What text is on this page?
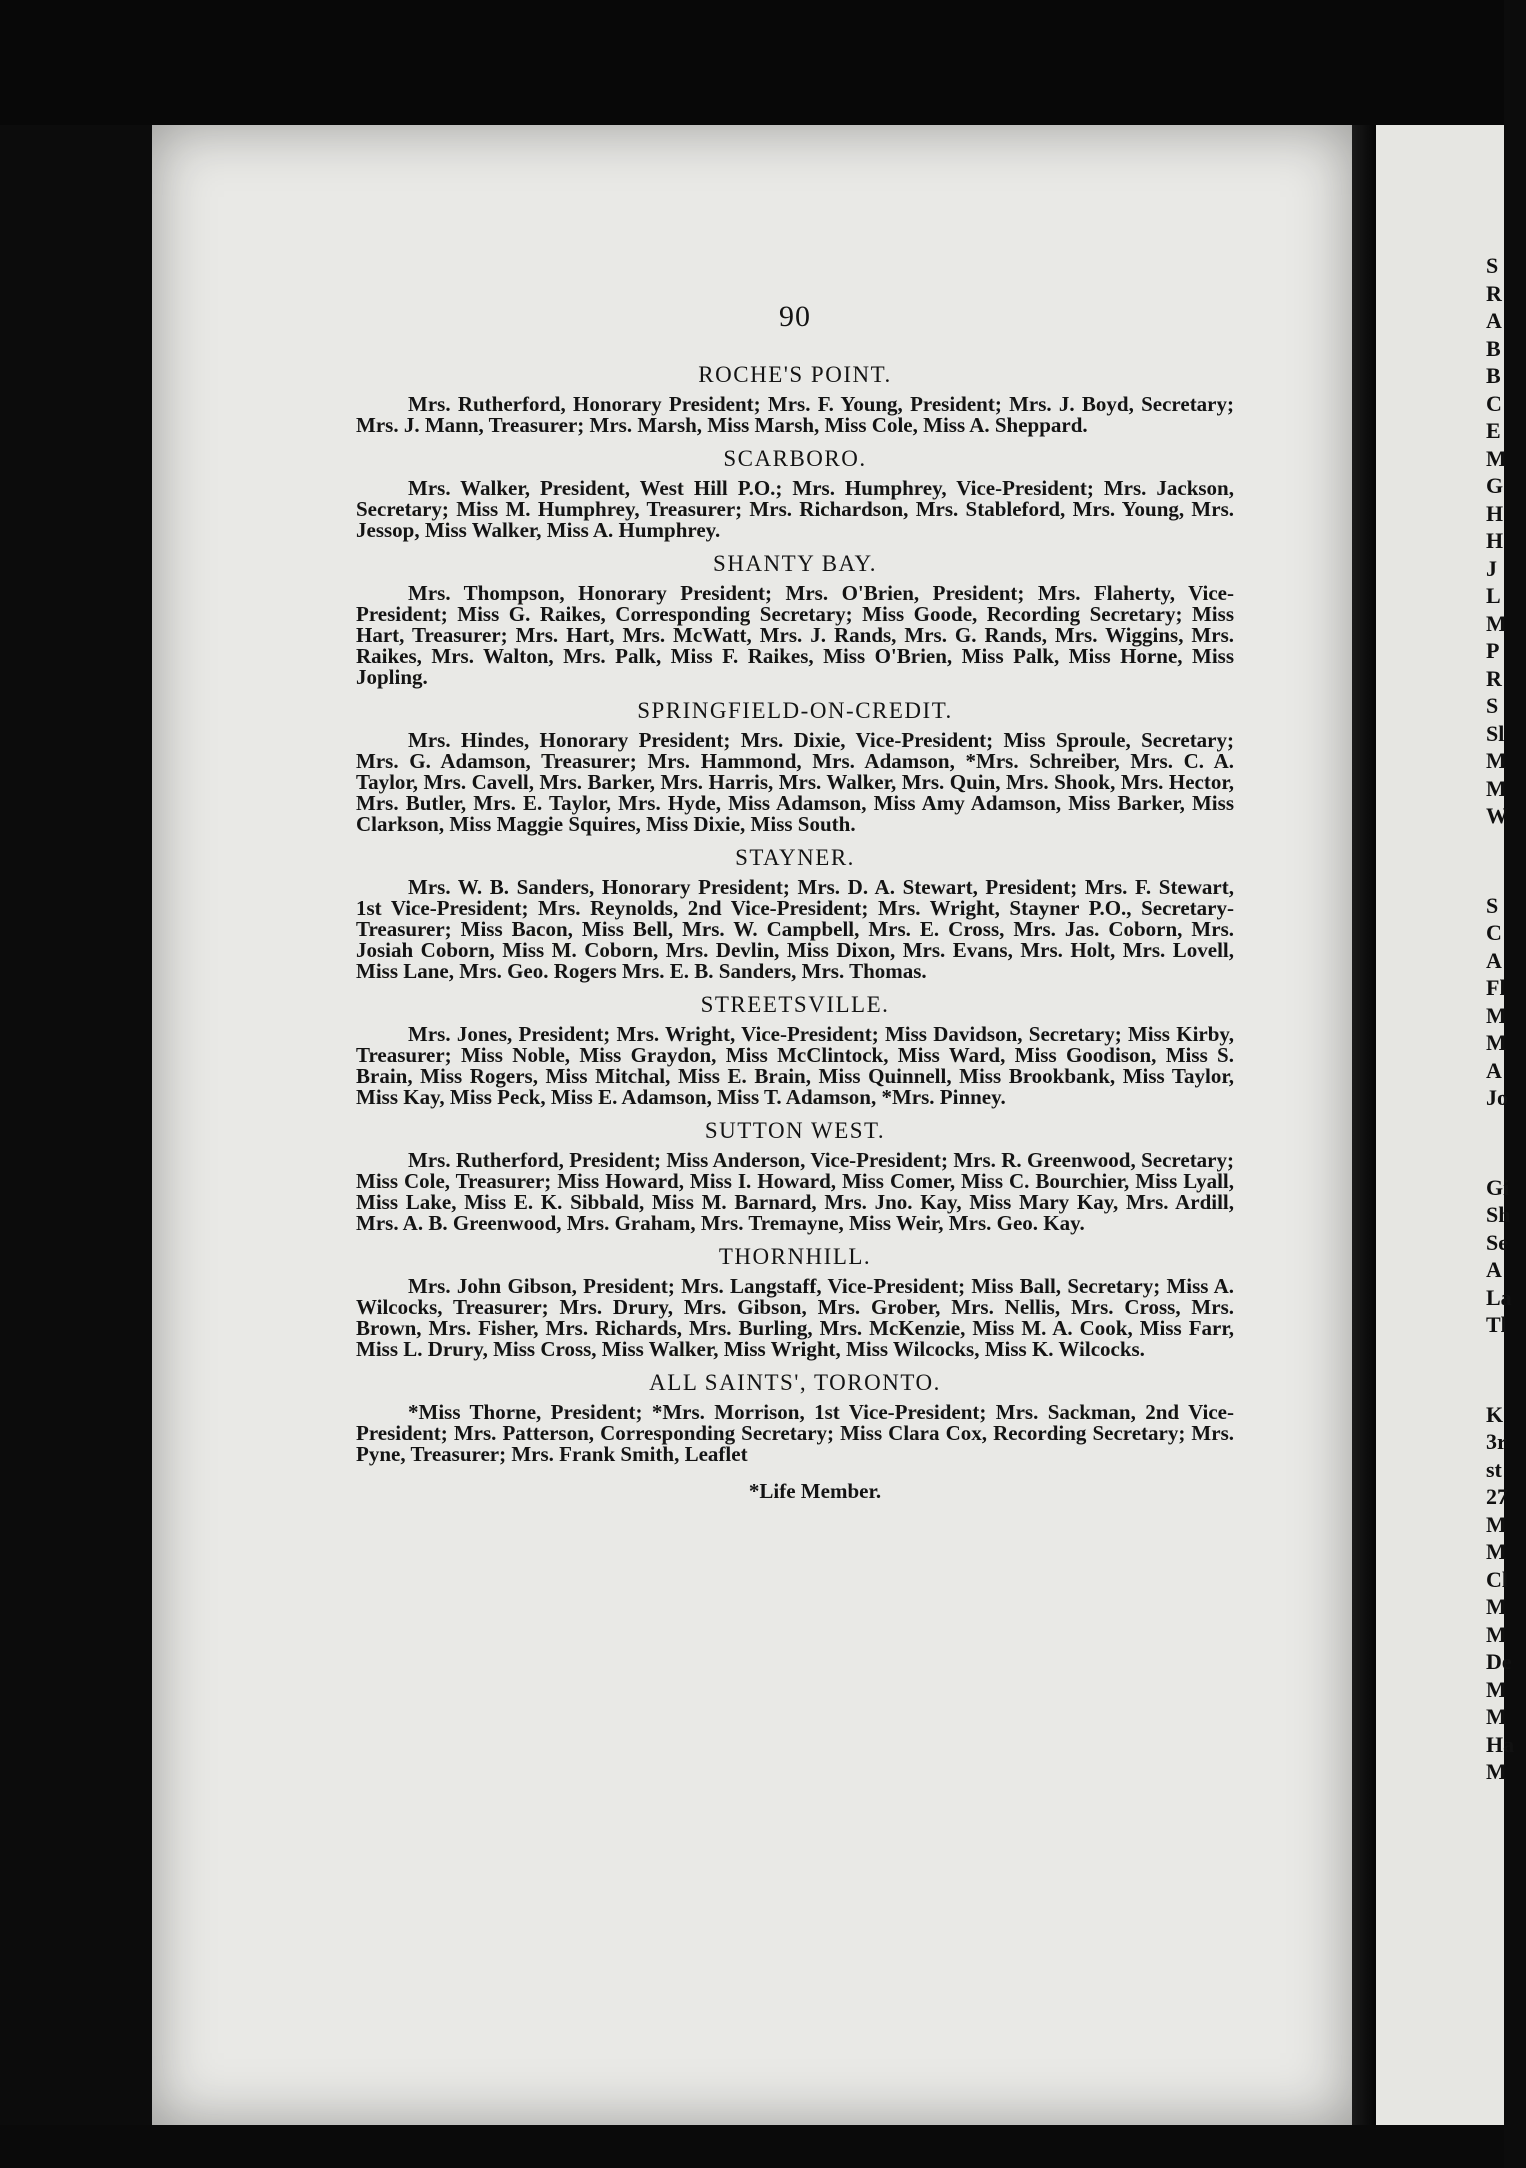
S
R
A
B
B
C
E
M
G
H
H
J
L
M
P
R
S
Sl
M
M
W
S
C
A
Fl
M
M
A
Jo
Gi
Sh
Se
A
La
Tl
K
3r
st
27
M
M
Cl
M
M
De
M
M
Ha
M
90
ROCHE'S POINT.

Mrs. Rutherford, Honorary President; Mrs. F. Young, President; Mrs. J. Boyd, Secretary; Mrs. J. Mann, Treasurer; Mrs. Marsh, Miss Marsh, Miss Cole, Miss A. Sheppard.

SCARBORO.

Mrs. Walker, President, West Hill P.O.; Mrs. Humphrey, Vice-President; Mrs. Jackson, Secretary; Miss M. Humphrey, Treasurer; Mrs. Richardson, Mrs. Stableford, Mrs. Young, Mrs. Jessop, Miss Walker, Miss A. Humphrey.

SHANTY BAY.

Mrs. Thompson, Honorary President; Mrs. O'Brien, President; Mrs. Flaherty, Vice-President; Miss G. Raikes, Corresponding Secretary; Miss Goode, Recording Secretary; Miss Hart, Treasurer; Mrs. Hart, Mrs. McWatt, Mrs. J. Rands, Mrs. G. Rands, Mrs. Wiggins, Mrs. Raikes, Mrs. Walton, Mrs. Palk, Miss F. Raikes, Miss O'Brien, Miss Palk, Miss Horne, Miss Jopling.

SPRINGFIELD-ON-CREDIT.

Mrs. Hindes, Honorary President; Mrs. Dixie, Vice-President; Miss Sproule, Secretary; Mrs. G. Adamson, Treasurer; Mrs. Hammond, Mrs. Adamson, *Mrs. Schreiber, Mrs. C. A. Taylor, Mrs. Cavell, Mrs. Barker, Mrs. Harris, Mrs. Walker, Mrs. Quin, Mrs. Shook, Mrs. Hector, Mrs. Butler, Mrs. E. Taylor, Mrs. Hyde, Miss Adamson, Miss Amy Adamson, Miss Barker, Miss Clarkson, Miss Maggie Squires, Miss Dixie, Miss South.

STAYNER.

Mrs. W. B. Sanders, Honorary President; Mrs. D. A. Stewart, President; Mrs. F. Stewart, 1st Vice-President; Mrs. Reynolds, 2nd Vice-President; Mrs. Wright, Stayner P.O., Secretary-Treasurer; Miss Bacon, Miss Bell, Mrs. W. Campbell, Mrs. E. Cross, Mrs. Jas. Coborn, Mrs. Josiah Coborn, Miss M. Coborn, Mrs. Devlin, Miss Dixon, Mrs. Evans, Mrs. Holt, Mrs. Lovell, Miss Lane, Mrs. Geo. Rogers Mrs. E. B. Sanders, Mrs. Thomas.

STREETSVILLE.

Mrs. Jones, President; Mrs. Wright, Vice-President; Miss Davidson, Secretary; Miss Kirby, Treasurer; Miss Noble, Miss Graydon, Miss McClintock, Miss Ward, Miss Goodison, Miss S. Brain, Miss Rogers, Miss Mitchal, Miss E. Brain, Miss Quinnell, Miss Brookbank, Miss Taylor, Miss Kay, Miss Peck, Miss E. Adamson, Miss T. Adamson, *Mrs. Pinney.

SUTTON WEST.

Mrs. Rutherford, President; Miss Anderson, Vice-President; Mrs. R. Greenwood, Secretary; Miss Cole, Treasurer; Miss Howard, Miss I. Howard, Miss Comer, Miss C. Bourchier, Miss Lyall, Miss Lake, Miss E. K. Sibbald, Miss M. Barnard, Mrs. Jno. Kay, Miss Mary Kay, Mrs. Ardill, Mrs. A. B. Greenwood, Mrs. Graham, Mrs. Tremayne, Miss Weir, Mrs. Geo. Kay.

THORNHILL.

Mrs. John Gibson, President; Mrs. Langstaff, Vice-President; Miss Ball, Secretary; Miss A. Wilcocks, Treasurer; Mrs. Drury, Mrs. Gibson, Mrs. Grober, Mrs. Nellis, Mrs. Cross, Mrs. Brown, Mrs. Fisher, Mrs. Richards, Mrs. Burling, Mrs. McKenzie, Miss M. A. Cook, Miss Farr, Miss L. Drury, Miss Cross, Miss Walker, Miss Wright, Miss Wilcocks, Miss K. Wilcocks.

ALL SAINTS', TORONTO.

*Miss Thorne, President; *Mrs. Morrison, 1st Vice-President; Mrs. Sackman, 2nd Vice-President; Mrs. Patterson, Corresponding Secretary; Miss Clara Cox, Recording Secretary; Mrs. Pyne, Treasurer; Mrs. Frank Smith, Leaflet

*Life Member.
